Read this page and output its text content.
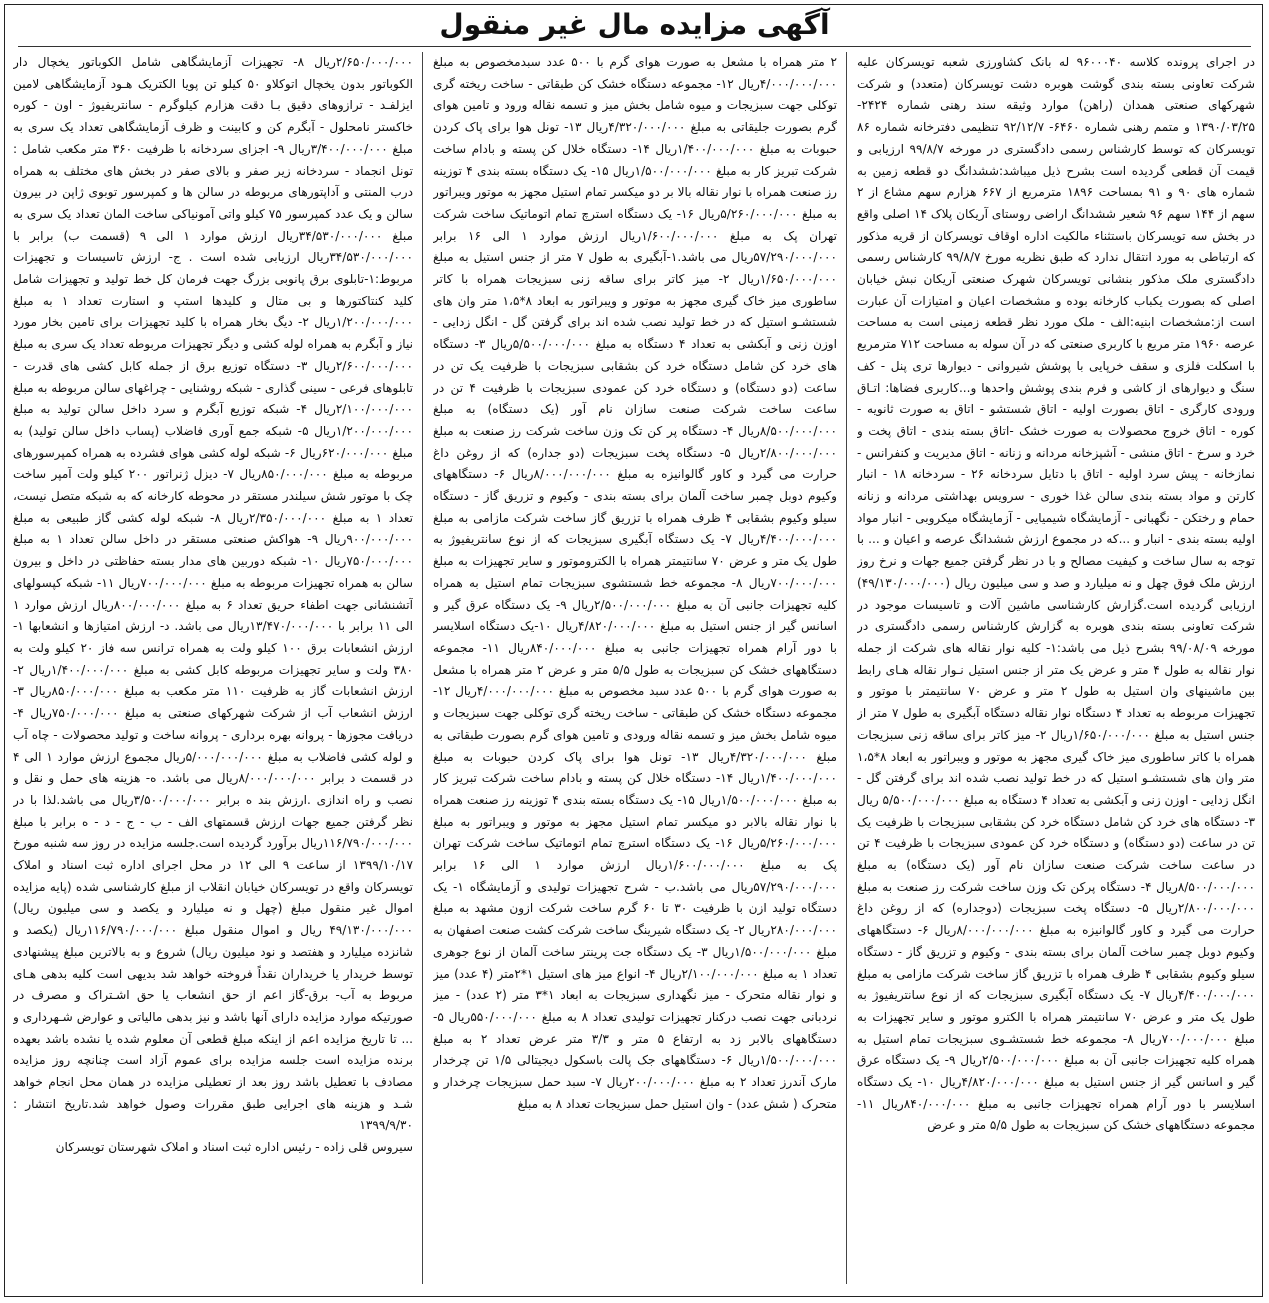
آگهی مزایده مال غیر منقول

در اجرای پرونده کلاسه ۹۶۰۰۰۴۰ له بانک کشاورزی شعبه تویسرکان علیه شرکت تعاونی بسته بندی گوشت هوبره دشت تویسرکان (متعدد) و شرکت شهرکهای صنعتی همدان (راهن) موارد وثیقه سند رهنی شماره ۲۴۲۴- ۱۳۹۰/۰۳/۲۵ و متمم رهنی شماره ۶۴۶۰- ۹۲/۱۲/۷ تنظیمی دفترخانه شماره ۸۶ تویسرکان که توسط کارشناس رسمی دادگستری در مورخه ۹۹/۸/۷ ارزیابی و قیمت آن قطعی گردیده است بشرح ذیل میباشد:ششدانگ دو قطعه زمین به شماره های ۹۰ و ۹۱ بمساحت ۱۸۹۶ مترمربع از ۶۶۷ هزارم سهم مشاع از ۲ سهم از ۱۴۴ سهم ۹۶ شعیر ششدانگ اراضی روستای آریکان پلاک ۱۴ اصلی واقع در بخش سه تویسرکان باستثناء مالکیت اداره اوقاف تویسرکان از قریه مذکور که ارتباطی به مورد انتقال ندارد که طبق نظریه مورخ ۹۹/۸/۷ کارشناس رسمی دادگستری ملک مذکور بنشانی تویسرکان شهرک صنعتی آریکان نبش خیابان اصلی که بصورت یکباب کارخانه بوده و مشخصات اعیان و امتیازات آن عبارت است از:مشخصات ابنیه:الف - ملک مورد نظر قطعه زمینی است به مساحت عرصه ۱۹۶۰ متر مربع با کاربری صنعتی که در آن سوله به مساحت ۷۱۲ مترمربع با اسکلت فلزی و سقف خرپایی با پوشش شیروانی - دیوارها تری پنل - کف سنگ و دیوارهای از کاشی و فرم بندی پوشش واحدها و...کاربری فضاها: اتـاق ورودی کارگری - اتاق بصورت اولیه - اتاق شستشو - اتاق به صورت ثانویه - کوره - اتاق خروج محصولات به صورت خشک -اتاق بسته بندی - اتاق پخت و خرد و سرخ - اتاق منشی - آشپزخانه مردانه و زنانه - اتاق مدیریت و کنفرانس - نمازخانه - پیش سرد اولیه - اتاق با دتایل سردخانه ۲۶ - سردخانه ۱۸ - انبار کارتن و مواد بسته بندی سالن غذا خوری - سرویس بهداشتی مردانه و زنانه حمام و رختکن - نگهبانی - آزمایشگاه شیمیایی - آزمایشگاه میکروبی - انبار مواد اولیه بسته بندی - انبار و ...که در مجموع ارزش ششدانگ عرصه و اعیان و ... با توجه به سال ساخت و کیفیت مصالح و با در نظر گرفتن جمیع جهات و نرخ روز ارزش ملک فوق چهل و نه میلیارد و صد و سی میلیون ریال (۴۹/۱۳۰/۰۰۰/۰۰۰) ارزیابی گردیده است.گزارش کارشناسی ماشین آلات و تاسیسات موجود در شرکت تعاونی بسته بندی هوبره به گزارش کارشناس رسمی دادگستری در مورخه ۹۹/۰۸/۰۹ بشرح ذیل می باشد:۱- کلیه نوار نقاله های شرکت از جمله نوار نقاله به طول ۴ متر و عرض یک متر از جنس استیل نـوار نقاله هـای رابط بین ماشینهای وان استیل به طول ۲ متر و عرض ۷۰ سانتیمتر با موتور و تجهیزات مربوطه به تعداد ۴ دستگاه نوار نقاله دستگاه آبگیری به طول ۷ متر از جنس استیل به مبلغ ۱/۶۵۰/۰۰۰/۰۰۰ریال ۲- میز کاتر برای ساقه زنی سبزیجات همراه با کاتر ساطوری میز خاک گیری مجهز به موتور و ویبراتور به ابعاد ۸*۱،۵ متر وان های شستشـو استیل که در خط تولید نصب شده اند برای گرفتن گل - انگل زدایی - اوزن زنی و آبکشی به تعداد ۴ دستگاه به مبلغ ۵/۵۰۰/۰۰۰/۰۰۰ ریال ۳- دستگاه های خرد کن شامل دستگاه خرد کن بشقابی سبزیجات با ظرفیت یک تن در ساعت (دو دستگاه) و دستگاه خرد کن عمودی سبزیجات با ظرفیت ۴ تن در ساعت ساخت شرکت صنعت سازان نام آور (یک دستگاه) به مبلغ ۸/۵۰۰/۰۰۰/۰۰۰ریال ۴- دستگاه پرکن تک وزن ساخت شرکت رز صنعت به مبلغ ۲/۸۰۰/۰۰۰/۰۰۰ریال ۵- دستگاه پخت سبزیجات (دوجداره) که از روغن داغ حرارت می گیرد و کاور گالوانیزه به مبلغ ۸/۰۰۰/۰۰۰/۰۰۰ریال ۶- دستگاههای وکیوم دوبل چمبر ساخت آلمان برای بسته بندی - وکیوم و تزریق گاز - دستگاه سیلو وکیوم بشقابی ۴ ظرف همراه با تزریق گاز ساخت شرکت مازامی به مبلغ ۴/۴۰۰/۰۰۰/۰۰۰ریال ۷- یک دستگاه آبگیری سبزیجات که از نوع سانتریفیوژ به طول یک متر و عرض ۷۰ سانتیمتر همراه با الکترو موتور و سایر تجهیزات به مبلغ ۷۰۰/۰۰۰/۰۰۰ریال ۸- مجموعه خط شستشـوی سبزیجات تمام استیل به همراه کلیه تجهیزات جانبی آن به مبلغ ۲/۵۰۰/۰۰۰/۰۰۰ریال ۹- یک دستگاه عرق گیر و اسانس گیر از جنس استیل به مبلغ ۴/۸۲۰/۰۰۰/۰۰۰ریال ۱۰- یک دستگاه اسلایسر با دور آرام همراه تجهیزات جانبی به مبلغ ۸۴۰/۰۰۰/۰۰۰ریال ۱۱- مجموعه دستگاههای خشک کن سبزیجات به طول ۵/۵ متر و عرض

۲ متر همراه با مشعل به صورت هوای گرم با ۵۰۰ عدد سبدمخصوص به مبلغ ۴/۰۰۰/۰۰۰/۰۰۰ریال ۱۲- مجموعه دستگاه خشک کن طبقاتی - ساخت ریخته گری توکلی جهت سبزیجات و میوه شامل بخش میز و تسمه نقاله ورود و تامین هوای گرم بصورت جلیقاتی به مبلغ ۴/۳۲۰/۰۰۰/۰۰۰ریال ۱۳- تونل هوا برای پاک کردن حبوبات به مبلغ ۱/۴۰۰/۰۰۰/۰۰۰ریال ۱۴- دستگاه خلال کن پسته و بادام ساخت شرکت تبریز کار به مبلغ ۱/۵۰۰/۰۰۰/۰۰۰ریال ۱۵- یک دستگاه بسته بندی ۴ توزینه رز صنعت همراه با نوار نقاله بالا بر دو میکسر تمام استیل مجهز به موتور ویبراتور به مبلغ ۵/۲۶۰/۰۰۰/۰۰۰ریال ۱۶- یک دستگاه استرچ تمام اتوماتیک ساخت شرکت تهران پک به مبلغ ۱/۶۰۰/۰۰۰/۰۰۰ریال ارزش موارد ۱ الی ۱۶ برابر ۵۷/۲۹۰/۰۰۰/۰۰۰ریال می باشد.۱-آبگیری به طول ۷ متر از جنس استیل به مبلغ ۱/۶۵۰/۰۰۰/۰۰۰ریال ۲- میز کاتر برای ساقه زنی سبزیجات همراه با کاتر ساطوری میز خاک گیری مجهز به موتور و ویبراتور به ابعاد ۸*۱،۵ متر وان های شستشـو استیل که در خط تولید نصب شده اند برای گرفتن گل - انگل زدایی - اوزن زنی و آبکشی به تعداد ۴ دستگاه به مبلغ ۵/۵۰۰/۰۰۰/۰۰۰ریال ۳- دستگاه های خرد کن شامل دستگاه خرد کن بشقابی سبزیجات با ظرفیت یک تن در ساعت (دو دستگاه) و دستگاه خرد کن عمودی سبزیجات با ظرفیت ۴ تن در ساعت ساخت شرکت صنعت سازان نام آور (یک دستگاه) به مبلغ ۸/۵۰۰/۰۰۰/۰۰۰ریال ۴- دستگاه پر کن تک وزن ساخت شرکت رز صنعت به مبلغ ۲/۸۰۰/۰۰۰/۰۰۰ریال ۵- دستگاه پخت سبزیجات (دو جداره) که از روغن داغ حرارت می گیرد و کاور گالوانیزه به مبلغ ۸/۰۰۰/۰۰۰/۰۰۰ریال ۶- دستگاههای وکیوم دوبل چمبر ساخت آلمان برای بسته بندی - وکیوم و تزریق گاز - دستگاه سیلو وکیوم بشقابی ۴ ظرف همراه با تزریق گاز ساخت شرکت مازامی به مبلغ ۴/۴۰۰/۰۰۰/۰۰۰ریال ۷- یک دستگاه آبگیری سبزیجات که از نوع سانتریفیوژ به طول یک متر و عرض ۷۰ سانتیمتر همراه با الکتروموتور و سایر تجهیزات به مبلغ ۷۰۰/۰۰۰/۰۰۰ریال ۸- مجموعه خط شستشوی سبزیجات تمام استیل به همراه کلیه تجهیزات جانبی آن به مبلغ ۲/۵۰۰/۰۰۰/۰۰۰ریال ۹- یک دستگاه عرق گیر و اسانس گیر از جنس استیل به مبلغ ۴/۸۲۰/۰۰۰/۰۰۰ریال ۱۰-یک دستگاه اسلایسر با دور آرام همراه تجهیزات جانبی به مبلغ ۸۴۰/۰۰۰/۰۰۰ریال ۱۱- مجموعه دستگاههای خشک کن سبزیجات به طول ۵/۵ متر و عرض ۲ متر همراه با مشعل به صورت هوای گرم با ۵۰۰ عدد سبد مخصوص به مبلغ ۴/۰۰۰/۰۰۰/۰۰۰ریال ۱۲-مجموعه دستگاه خشک کن طبقاتی - ساخت ریخته گری توکلی جهت سبزیجات و میوه شامل بخش میز و تسمه نقاله ورودی و تامین هوای گرم بصورت طبقاتی به مبلغ ۴/۳۲۰/۰۰۰/۰۰۰ریال ۱۳- تونل هوا برای پاک کردن حبوبات به مبلغ ۱/۴۰۰/۰۰۰/۰۰۰ریال ۱۴- دستگاه خلال کن پسته و بادام ساخت شرکت تبریز کار به مبلغ ۱/۵۰۰/۰۰۰/۰۰۰ریال ۱۵- یک دستگاه بسته بندی ۴ توزینه رز صنعت همراه با نوار نقاله بالابر دو میکسر تمام استیل مجهز به موتور و ویبراتور به مبلغ ۵/۲۶۰/۰۰۰/۰۰۰ریال ۱۶- یک دستگاه استرچ تمام اتوماتیک ساخت شرکت تهران پک به مبلغ ۱/۶۰۰/۰۰۰/۰۰۰ریال ارزش موارد ۱ الی ۱۶ برابر ۵۷/۲۹۰/۰۰۰/۰۰۰ریال می باشد.ب - شرح تجهیزات تولیدی و آزمایشگاه ۱- یک دستگاه تولید ازن با ظرفیت ۳۰ تا ۶۰ گرم ساخت شرکت ازون مشهد به مبلغ ۲۸۰/۰۰۰/۰۰۰ریال ۲- یک دستگاه شیرینگ ساخت شرکت کشت صنعت اصفهان به مبلغ ۱/۵۰۰/۰۰۰/۰۰۰ریال ۳- یک دستگاه جت پرینتر ساخت آلمان از نوع جوهری تعداد ۱ به مبلغ ۲/۱۰۰/۰۰۰/۰۰۰ریال ۴- انواع میز های استیل ۱*۲متر (۴ عدد) میز و نوار نقاله متحرک - میز نگهداری سبزیجات به ابعاد ۱*۳ متر (۲ عدد) - میز نردبانی جهت نصب درکنار تجهیزات تولیدی تعداد ۸ به مبلغ ۵۵۰/۰۰۰/۰۰۰ریال ۵- دستگاههای بالابر زد به ارتفاع ۵ متر و ۳/۳ متر عرض تعداد ۲ به مبلغ ۱/۵۰۰/۰۰۰/۰۰۰ریال ۶- دستگاههای جک پالت باسکول دیجیتالی ۱/۵ تن چرخدار مارک آندرز تعداد ۲ به مبلغ ۲۰۰/۰۰۰/۰۰۰ریال ۷- سبد حمل سبزیجات چرخدار و متحرک ( شش عدد) - وان استیل حمل سبزیجات تعداد ۸ به مبلغ

۲/۶۵۰/۰۰۰/۰۰۰ریال ۸- تجهیزات آزمایشگاهی شامل الکوباتور یخچال دار الکوباتور بدون یخچال اتوکلاو ۵۰ کیلو تن پویا الکتریک هـود آزمایشگاهی لامین ایزلفـد - ترازوهای دقیق بـا دقت هزارم کیلوگرم - سانتریفیوژ - اون - کوره خاکستر نامحلول - آبگرم کن و کابینت و ظرف آزمایشگاهی تعداد یک سری به مبلغ ۳/۴۰۰/۰۰۰/۰۰۰ریال ۹- اجزای سردخانه با ظرفیت ۳۶۰ متر مکعب شامل : تونل انجماد - سردخانه زیر صفر و بالای صفر در بخش های مختلف به همراه درب المنتی و آداپتورهای مربوطه در سالن ها و کمپرسور توبوی ژاپن در بیرون سالن و یک عدد کمپرسور ۷۵ کیلو واتی آمونیاکی ساخت المان تعداد یک سری به مبلغ ۳۴/۵۳۰/۰۰۰/۰۰۰ریال ارزش موارد ۱ الی ۹ (قسمت ب) برابر با ۳۴/۵۳۰/۰۰۰/۰۰۰ریال ارزیابی شده است . ج- ارزش تاسیسات و تجهیزات مربوط:۱-تابلوی برق پانوبی بزرگ جهت فرمان کل خط تولید و تجهیزات شامل کلید کنتاکتورها و بی متال و کلیدها استپ و استارت تعداد ۱ به مبلغ ۱/۲۰۰/۰۰۰/۰۰۰ریال ۲- دیگ بخار همراه با کلید تجهیزات برای تامین بخار مورد نیاز و آبگرم به همراه لوله کشی و دیگر تجهیزات مربوطه تعداد یک سری به مبلغ ۲/۶۰۰/۰۰۰/۰۰۰ریال ۳- دستگاه توزیع برق از جمله کابل کشی های قدرت - تابلوهای فرعی - سینی گذاری - شبکه روشنایی - چراغهای سالن مربوطه به مبلغ ۲/۱۰۰/۰۰۰/۰۰۰ریال ۴- شبکه توزیع آبگرم و سرد داخل سالن تولید به مبلغ ۱/۲۰۰/۰۰۰/۰۰۰ریال ۵- شبکه جمع آوری فاضلاب (پساب داخل سالن تولید) به مبلغ ۶۲۰/۰۰۰/۰۰۰ریال ۶- شبکه لوله کشی هوای فشرده به همراه کمپرسورهای مربوطه به مبلغ ۸۵۰/۰۰۰/۰۰۰ریال ۷- دیزل ژنراتور ۲۰۰ کیلو ولت آمپر ساخت چک با موتور شش سیلندر مستقر در محوطه کارخانه که به شبکه متصل نیست، تعداد ۱ به مبلغ ۲/۳۵۰/۰۰۰/۰۰۰ریال ۸- شبکه لوله کشی گاز طبیعی به مبلغ ۹۰۰/۰۰۰/۰۰۰ریال ۹- هواکش صنعتی مستقر در داخل سالن تعداد ۱ به مبلغ ۷۵۰/۰۰۰/۰۰۰ریال ۱۰- شبکه دوربین های مدار بسته حفاظتی در داخل و بیرون سالن به همراه تجهیزات مربوطه به مبلغ ۷۰۰/۰۰۰/۰۰۰ریال ۱۱- شبکه کپسولهای آتشنشانی جهت اطفاء حریق تعداد ۶ به مبلغ ۸۰۰/۰۰۰/۰۰۰ریال ارزش موارد ۱ الی ۱۱ برابر با ۱۳/۴۷۰/۰۰۰/۰۰۰ریال می باشد. د- ارزش امتیازها و انشعابها ۱-ارزش انشعابات برق ۱۰۰ کیلو ولت به همراه ترانس سه فاز ۲۰ کیلو ولت به ۳۸۰ ولت و سایر تجهیزات مربوطه کابل کشی به مبلغ ۱/۴۰۰/۰۰۰/۰۰۰ریال ۲- ارزش انشعابات گاز به ظرفیت ۱۱۰ متر مکعب به مبلغ ۸۵۰/۰۰۰/۰۰۰ریال ۳- ارزش انشعاب آب از شرکت شهرکهای صنعتی به مبلغ ۷۵۰/۰۰۰/۰۰۰ریال ۴- دریافت مجوزها - پروانه بهره برداری - پروانه ساخت و تولید محصولات - چاه آب و لوله کشی فاضلاب به مبلغ ۵/۰۰۰/۰۰۰/۰۰۰ریال مجموع ارزش موارد ۱ الی ۴ در قسمت د برابر ۸/۰۰۰/۰۰۰/۰۰۰ریال می باشد. ه- هزینه های حمل و نقل و نصب و راه اندازی .ارزش بند ه برابر ۳/۵۰۰/۰۰۰/۰۰۰ریال می باشد.لذا با در نظر گرفتن جمیع جهات ارزش قسمتهای الف - ب - ج - د - ه برابر با مبلغ ۱۱۶/۷۹۰/۰۰۰/۰۰۰ریال برآورد گردیده است.جلسه مزایده در روز سه شنبه مورخ ۱۳۹۹/۱۰/۱۷ از ساعت ۹ الی ۱۲ در محل اجرای اداره ثبت اسناد و املاک تویسرکان واقع در تویسرکان خیابان انقلاب از مبلغ کارشناسی شده (پایه مزایده اموال غیر منقول مبلغ (چهل و نه میلیارد و یکصد و سی میلیون ریال) ۴۹/۱۳۰/۰۰۰/۰۰۰ ریال و اموال منقول مبلغ ۱۱۶/۷۹۰/۰۰۰/۰۰۰ریال (یکصد و شانزده میلیارد و هفتصد و نود میلیون ریال) شروع و به بالاترین مبلغ پیشنهادی توسط خریدار یا خریداران نقداً فروخته خواهد شد بدیهی است کلیه بدهی هـای مربوط به آب- برق-گاز اعم از حق انشعاب یا حق اشـتراک و مصرف در صورتیکه موارد مزایده دارای آنها باشد و نیز بدهی مالیاتی و عوارض شـهرداری و ... تا تاریخ مزایده اعم از اینکه مبلغ قطعی آن معلوم شده یا نشده باشد بعهده برنده مزایده است جلسه مزایده برای عموم آزاد است چنانچه روز مزایده مصادف با تعطیل باشد روز بعد از تعطیلی مزایده در همان محل انجام خواهد شـد و هزینه های اجرایی طبق مقررات وصول خواهد شد.تاریخ انتشار : ۱۳۹۹/۹/۳۰

سیروس قلی زاده - رئیس اداره ثبت اسناد و املاک شهرستان تویسرکان
